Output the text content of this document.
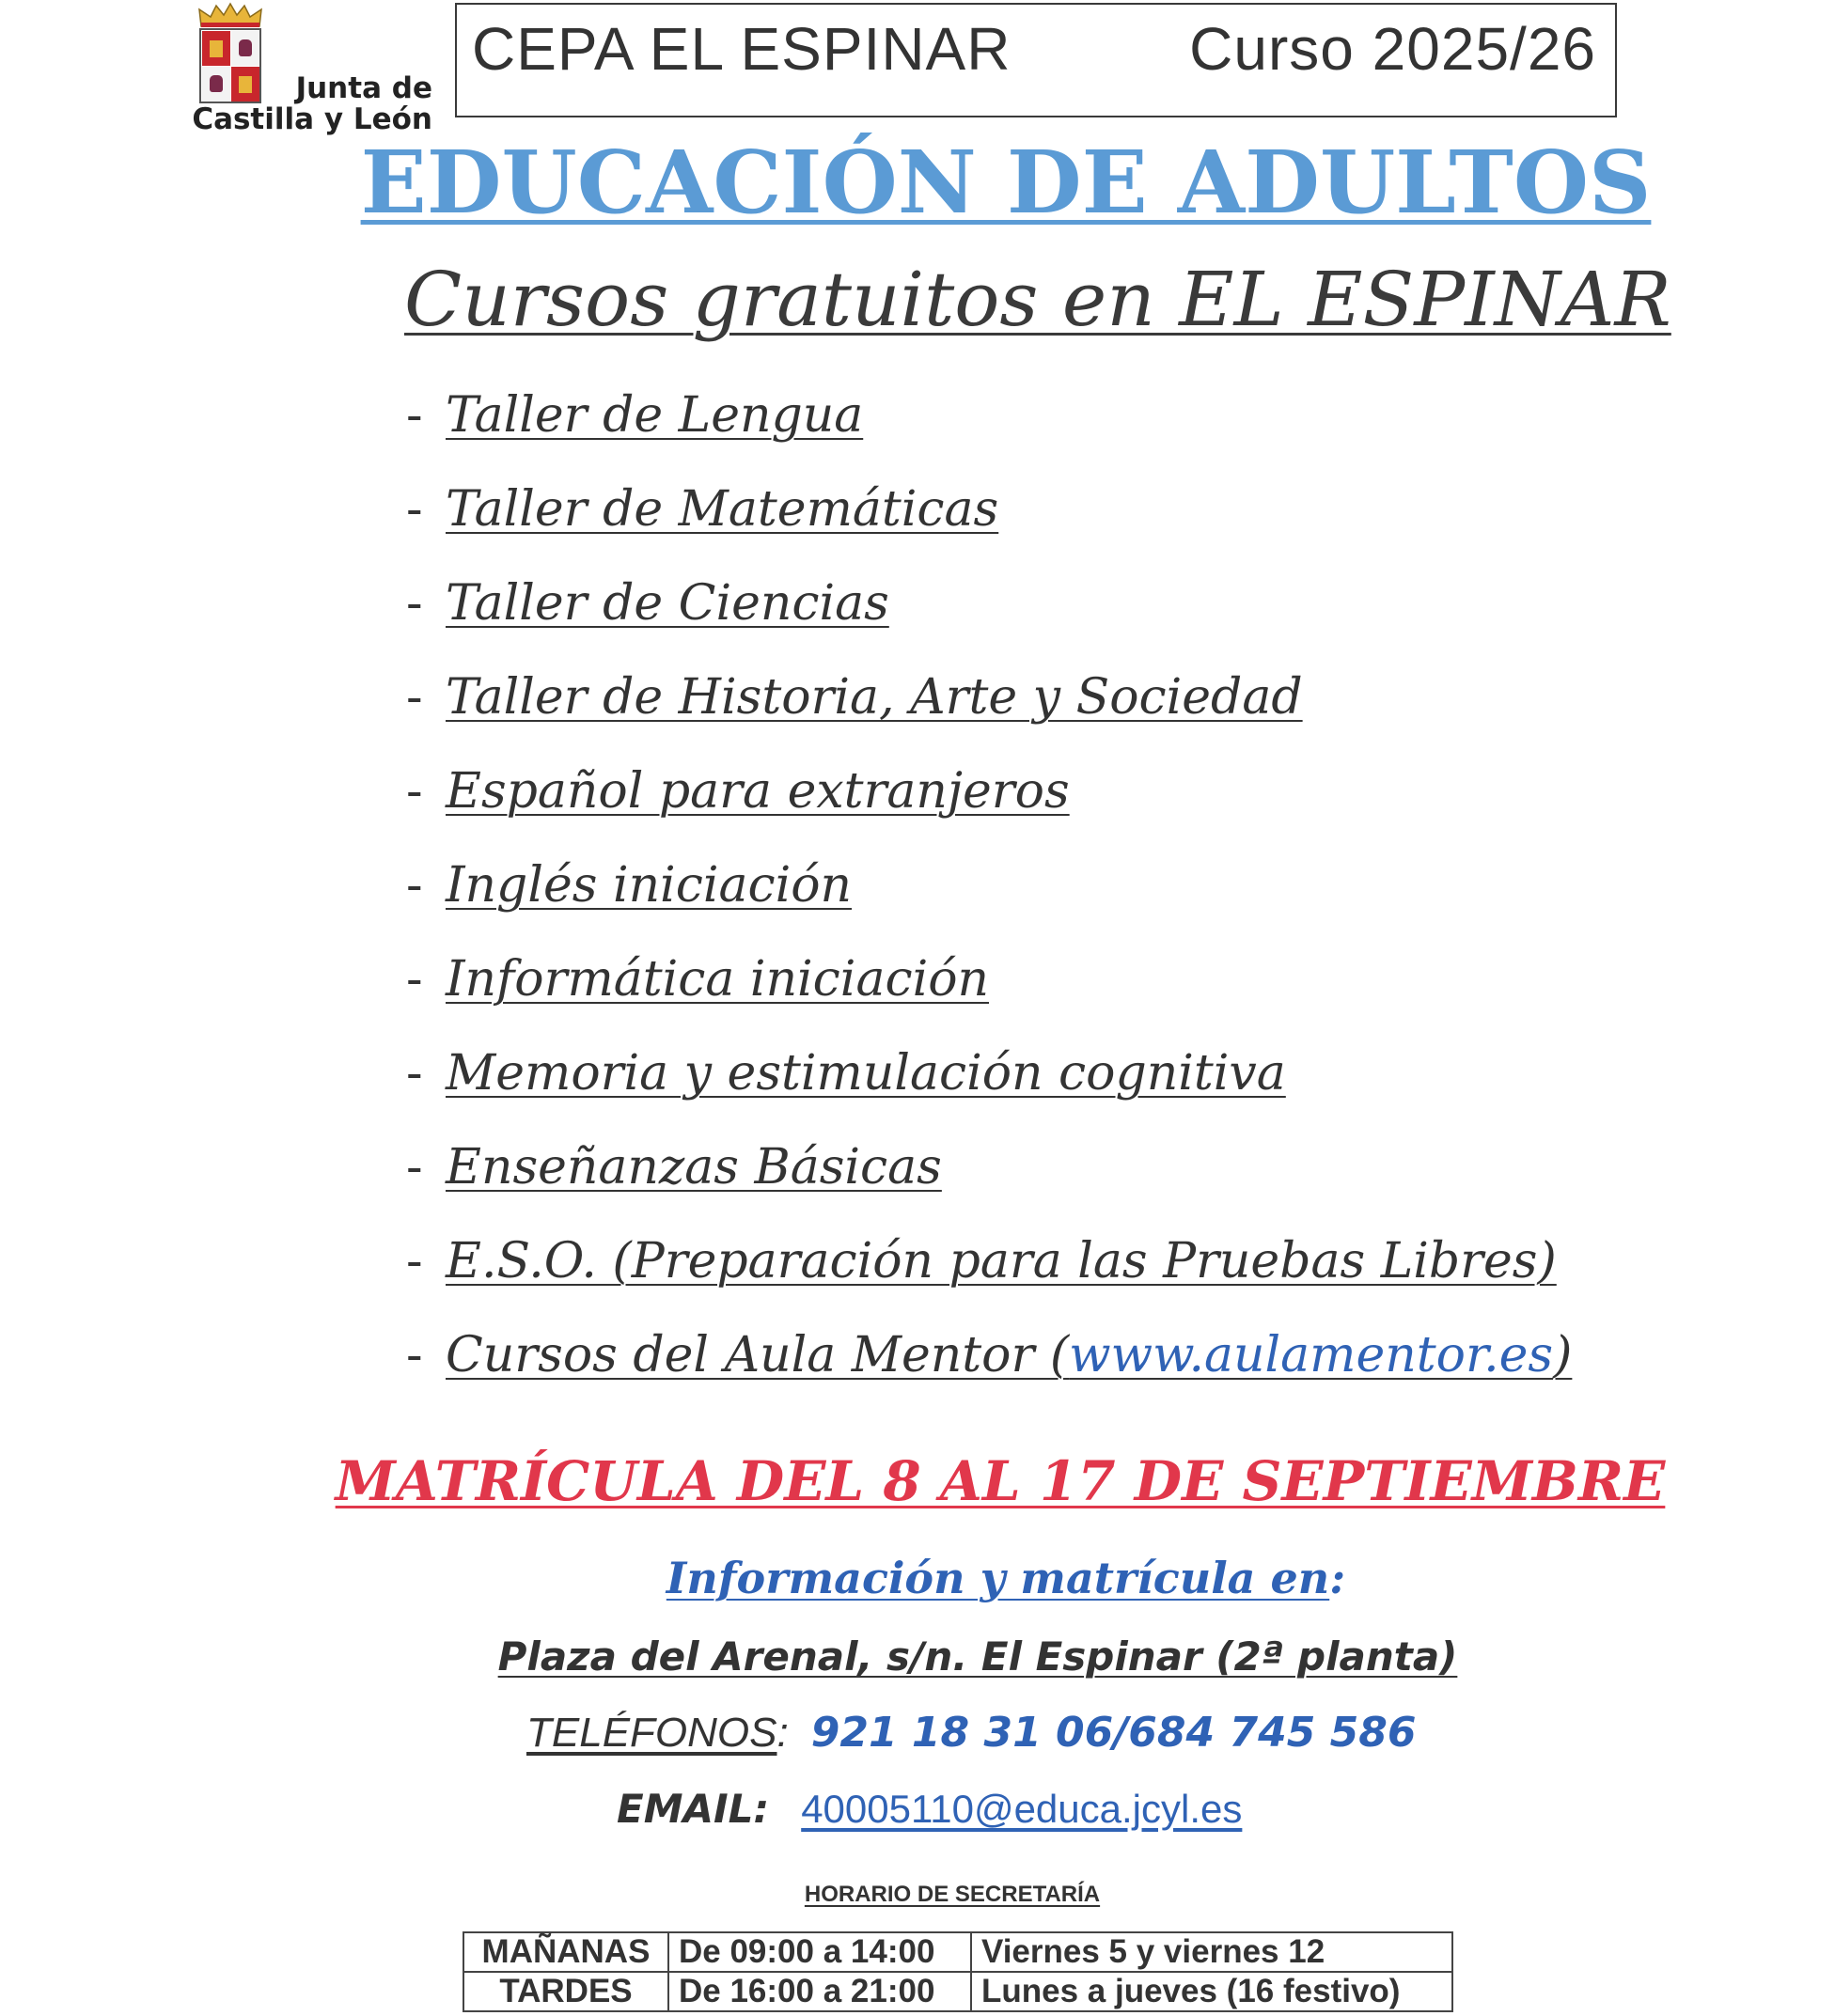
Junta de
Castilla y León
CEPA EL ESPINAR	Curso 2025/26
EDUCACIÓN DE ADULTOS
Cursos gratuitos en EL ESPINAR
- Taller de Lengua
- Taller de Matemáticas
- Taller de Ciencias
- Taller de Historia, Arte y Sociedad
- Español para extranjeros
- Inglés iniciación
- Informática iniciación
- Memoria y estimulación cognitiva
- Enseñanzas Básicas
- E.S.O. (Preparación para las Pruebas Libres)
- Cursos del Aula Mentor (www.aulamentor.es)
MATRÍCULA DEL 8 AL 17 DE SEPTIEMBRE
Información y matrícula en:
Plaza del Arenal, s/n. El Espinar (2ª planta)
TELÉFONOS: 921 18 31 06/684 745 586
EMAIL: 40005110@educa.jcyl.es
HORARIO DE SECRETARÍA
MAÑANAS	De 09:00 a 14:00	Viernes 5 y viernes 12
TARDES	De 16:00 a 21:00	Lunes a jueves (16 festivo)
